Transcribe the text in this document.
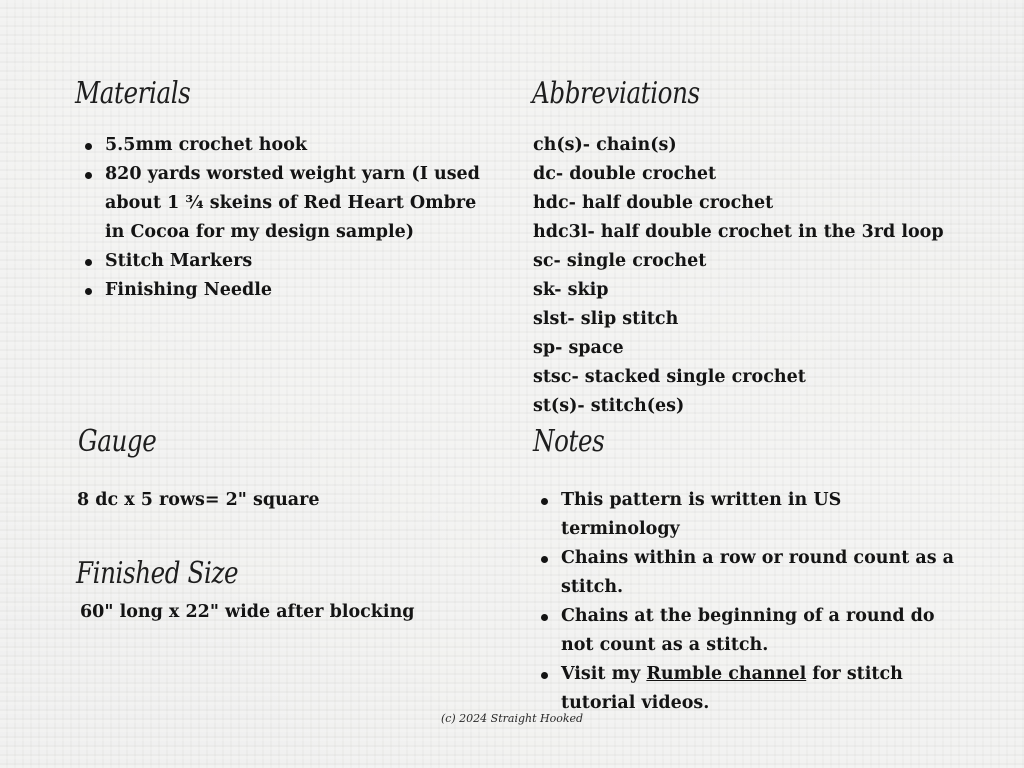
Materials
5.5mm crochet hook
820 yards worsted weight yarn (I used about 1 ¾ skeins of Red Heart Ombre in Cocoa for my design sample)
Stitch Markers
Finishing Needle
Abbreviations
ch(s)- chain(s)
dc- double crochet
hdc- half double crochet
hdc3l- half double crochet in the 3rd loop
sc- single crochet
sk- skip
slst- slip stitch
sp- space
stsc- stacked single crochet
st(s)- stitch(es)
Gauge

8 dc x 5 rows= 2" square

Finished Size

60" long x 22" wide after blocking

Notes
This pattern is written in US terminology
Chains within a row or round count as a stitch.
Chains at the beginning of a round do not count as a stitch.
Visit my Rumble channel for stitch tutorial videos.
(c) 2024 Straight Hooked
